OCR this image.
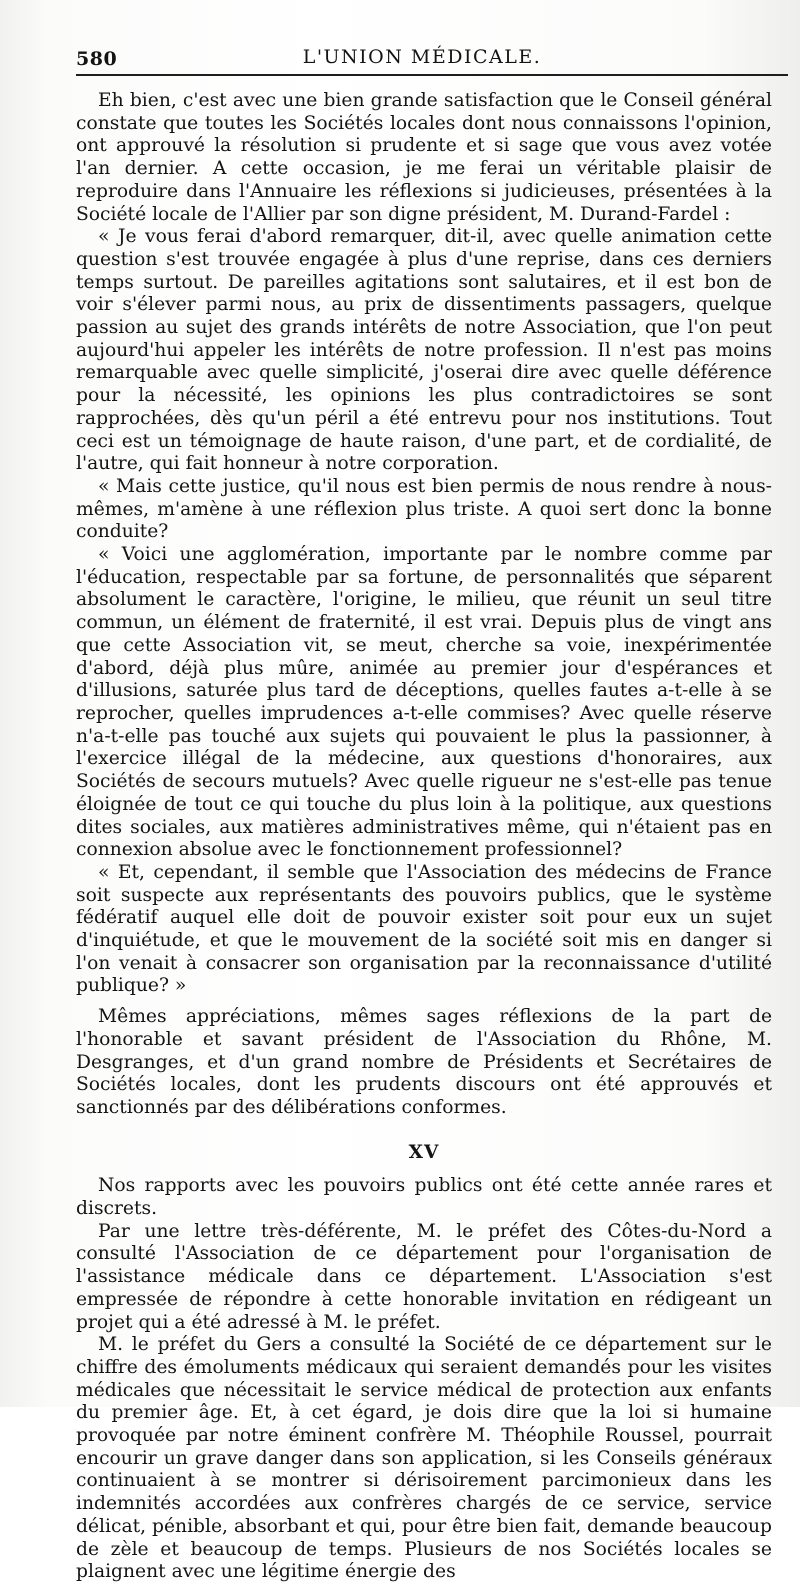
580	L'UNION MÉDICALE.

Eh bien, c'est avec une bien grande satisfaction que le Conseil général constate que toutes les Sociétés locales dont nous connaissons l'opinion, ont approuvé la résolution si prudente et si sage que vous avez votée l'an dernier. A cette occasion, je me ferai un véritable plaisir de reproduire dans l'Annuaire les réflexions si judicieuses, présentées à la Société locale de l'Allier par son digne président, M. Durand-Fardel :

« Je vous ferai d'abord remarquer, dit-il, avec quelle animation cette question s'est trouvée engagée à plus d'une reprise, dans ces derniers temps surtout. De pareilles agitations sont salutaires, et il est bon de voir s'élever parmi nous, au prix de dissentiments passagers, quelque passion au sujet des grands intérêts de notre Association, que l'on peut aujourd'hui appeler les intérêts de notre profession. Il n'est pas moins remarquable avec quelle simplicité, j'oserai dire avec quelle déférence pour la nécessité, les opinions les plus contradictoires se sont rapprochées, dès qu'un péril a été entrevu pour nos institutions. Tout ceci est un témoignage de haute raison, d'une part, et de cordialité, de l'autre, qui fait honneur à notre corporation.

« Mais cette justice, qu'il nous est bien permis de nous rendre à nous-mêmes, m'amène à une réflexion plus triste. A quoi sert donc la bonne conduite?

« Voici une agglomération, importante par le nombre comme par l'éducation, respectable par sa fortune, de personnalités que séparent absolument le caractère, l'origine, le milieu, que réunit un seul titre commun, un élément de fraternité, il est vrai. Depuis plus de vingt ans que cette Association vit, se meut, cherche sa voie, inexpérimentée d'abord, déjà plus mûre, animée au premier jour d'espérances et d'illusions, saturée plus tard de déceptions, quelles fautes a-t-elle à se reprocher, quelles imprudences a-t-elle commises? Avec quelle réserve n'a-t-elle pas touché aux sujets qui pouvaient le plus la passionner, à l'exercice illégal de la médecine, aux questions d'honoraires, aux Sociétés de secours mutuels? Avec quelle rigueur ne s'est-elle pas tenue éloignée de tout ce qui touche du plus loin à la politique, aux questions dites sociales, aux matières administratives même, qui n'étaient pas en connexion absolue avec le fonctionnement professionnel?

« Et, cependant, il semble que l'Association des médecins de France soit suspecte aux représentants des pouvoirs publics, que le système fédératif auquel elle doit de pouvoir exister soit pour eux un sujet d'inquiétude, et que le mouvement de la société soit mis en danger si l'on venait à consacrer son organisation par la reconnaissance d'utilité publique? »

Mêmes appréciations, mêmes sages réflexions de la part de l'honorable et savant président de l'Association du Rhône, M. Desgranges, et d'un grand nombre de Présidents et Secrétaires de Sociétés locales, dont les prudents discours ont été approuvés et sanctionnés par des délibérations conformes.

XV

Nos rapports avec les pouvoirs publics ont été cette année rares et discrets.

Par une lettre très-déférente, M. le préfet des Côtes-du-Nord a consulté l'Association de ce département pour l'organisation de l'assistance médicale dans ce département. L'Association s'est empressée de répondre à cette honorable invitation en rédigeant un projet qui a été adressé à M. le préfet.

M. le préfet du Gers a consulté la Société de ce département sur le chiffre des émoluments médicaux qui seraient demandés pour les visites médicales que nécessitait le service médical de protection aux enfants du premier âge. Et, à cet égard, je dois dire que la loi si humaine provoquée par notre éminent confrère M. Théophile Roussel, pourrait encourir un grave danger dans son application, si les Conseils généraux continuaient à se montrer si dérisoirement parcimonieux dans les indemnités accordées aux confrères chargés de ce service, service délicat, pénible, absorbant et qui, pour être bien fait, demande beaucoup de zèle et beaucoup de temps. Plusieurs de nos Sociétés locales se plaignent avec une légitime énergie des
